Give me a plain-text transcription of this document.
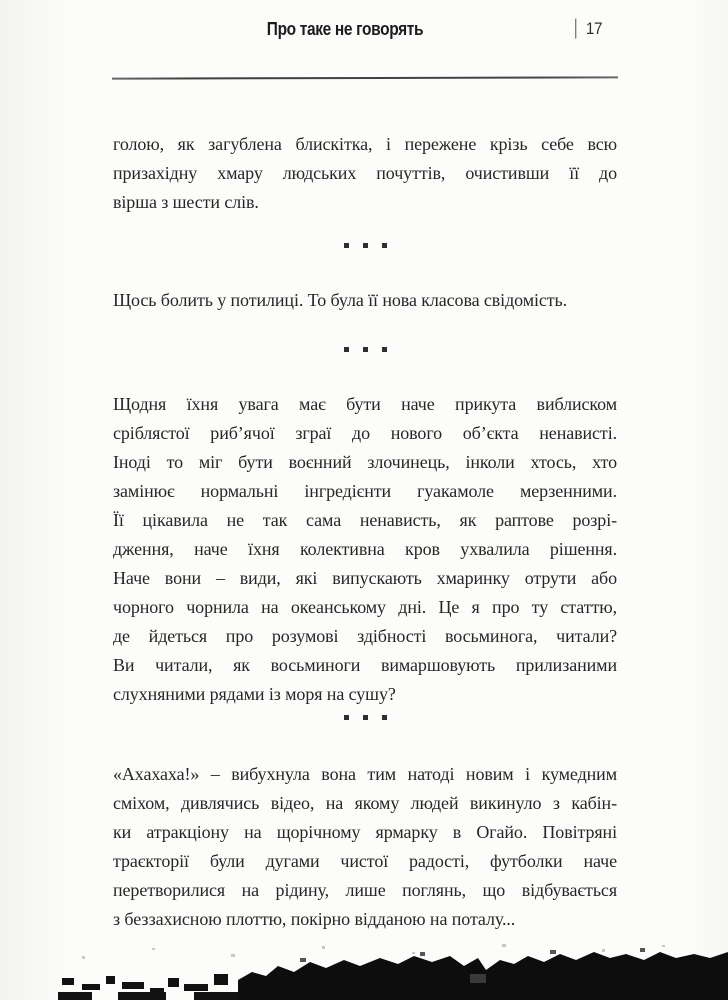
Про таке не говорять	| 17
голою, як загублена блискітка, і пережене крізь себе всю
призахідну хмару людських почуттів, очистивши її до
вірша з шести слів.
Щось болить у потилиці. То була її нова класова свідомість.
Щодня їхня увага має бути наче прикута виблиском
сріблястої риб’ячої зграї до нового об’єкта ненависті.
Іноді то міг бути воєнний злочинець, інколи хтось, хто
замінює нормальні інгредієнти гуакамоле мерзенними.
Її цікавила не так сама ненависть, як раптове розрі-
дження, наче їхня колективна кров ухвалила рішення.
Наче вони – види, які випускають хмаринку отрути або
чорного чорнила на океанському дні. Це я про ту статтю,
де йдеться про розумові здібності восьминога, читали?
Ви читали, як восьминоги вимаршовують прилизаними
слухняними рядами із моря на сушу?
«Ахахаха!» – вибухнула вона тим натоді новим і кумедним
сміхом, дивлячись відео, на якому людей викинуло з кабін-
ки атракціону на щорічному ярмарку в Огайо. Повітряні
траєкторії були дугами чистої радості, футболки наче
перетворилися на рідину, лише поглянь, що відбувається
з беззахисною плоттю, покірно відданою на поталу...
